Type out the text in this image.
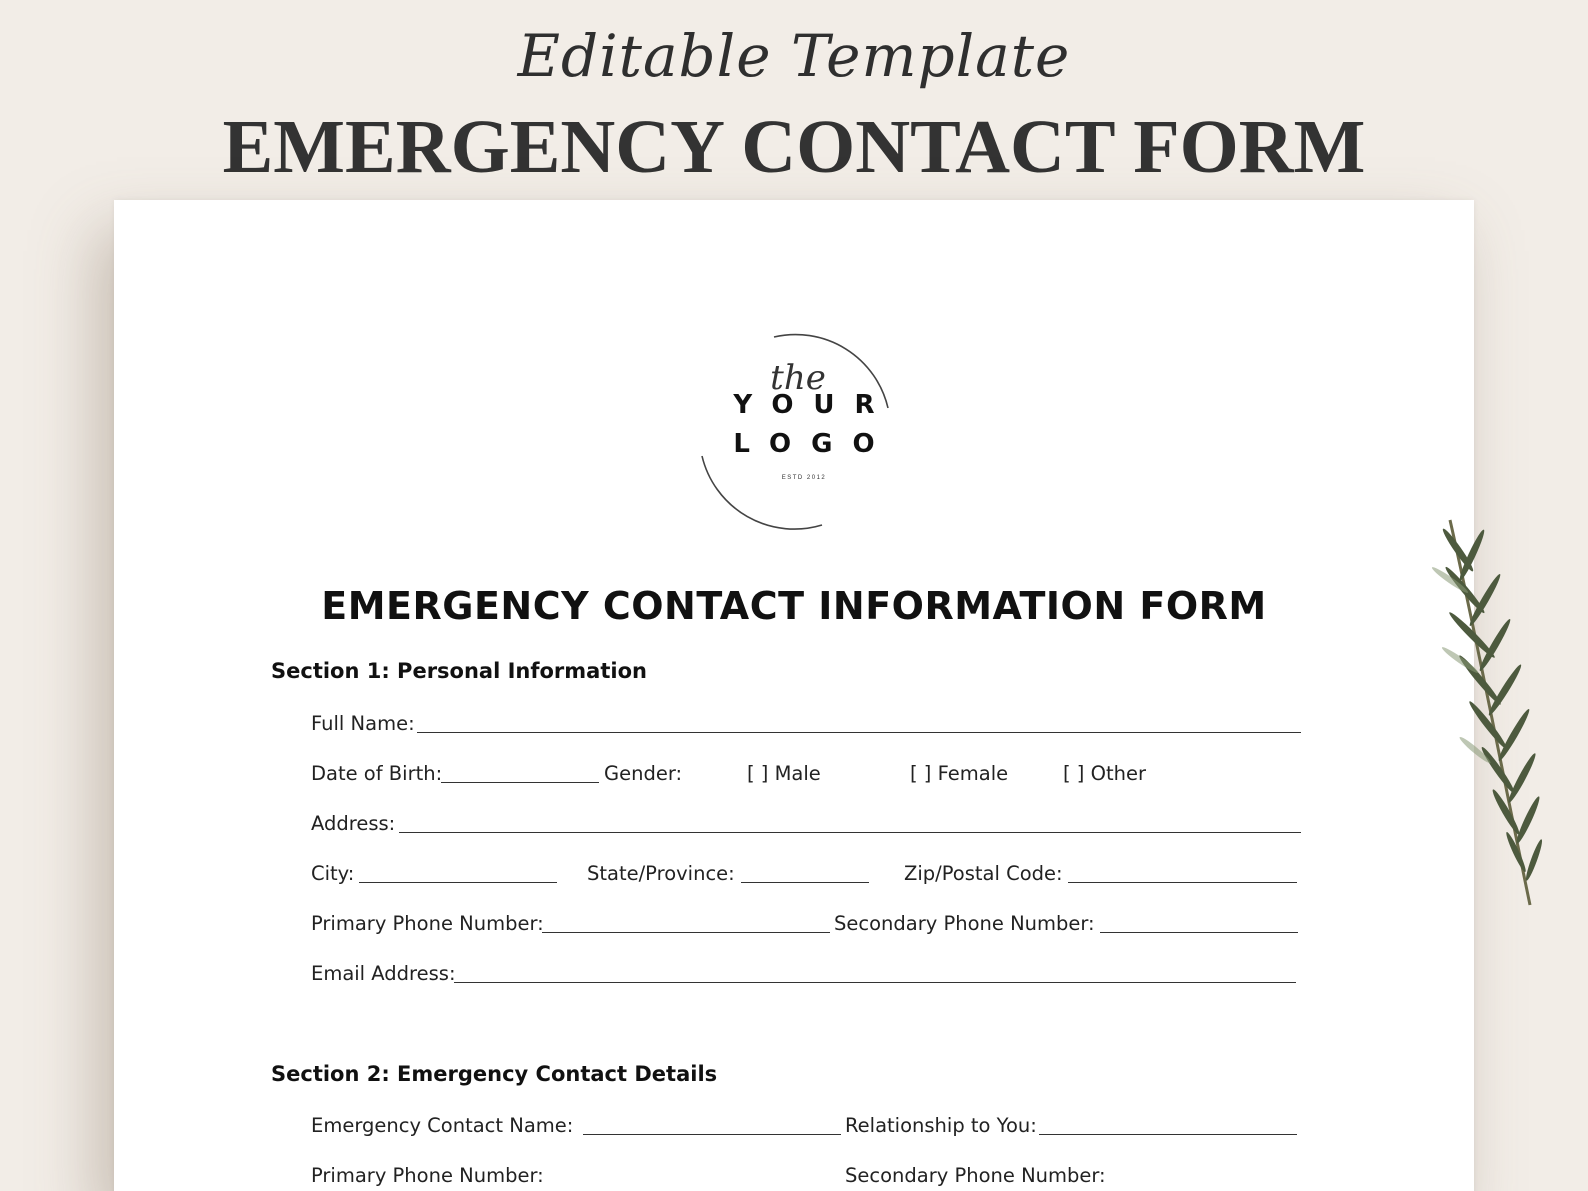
Editable Template
EMERGENCY CONTACT FORM
the
YOUR
LOGO
ESTD 2012
EMERGENCY CONTACT INFORMATION FORM
Section 1: Personal Information
Full Name:
Date of Birth:	Gender:	[ ] Male	[ ] Female	[ ] Other
Address:
City:	State/Province:	Zip/Postal Code:
Primary Phone Number:	Secondary Phone Number:
Email Address:
Section 2: Emergency Contact Details
Emergency Contact Name:	Relationship to You:
Primary Phone Number:	Secondary Phone Number:
